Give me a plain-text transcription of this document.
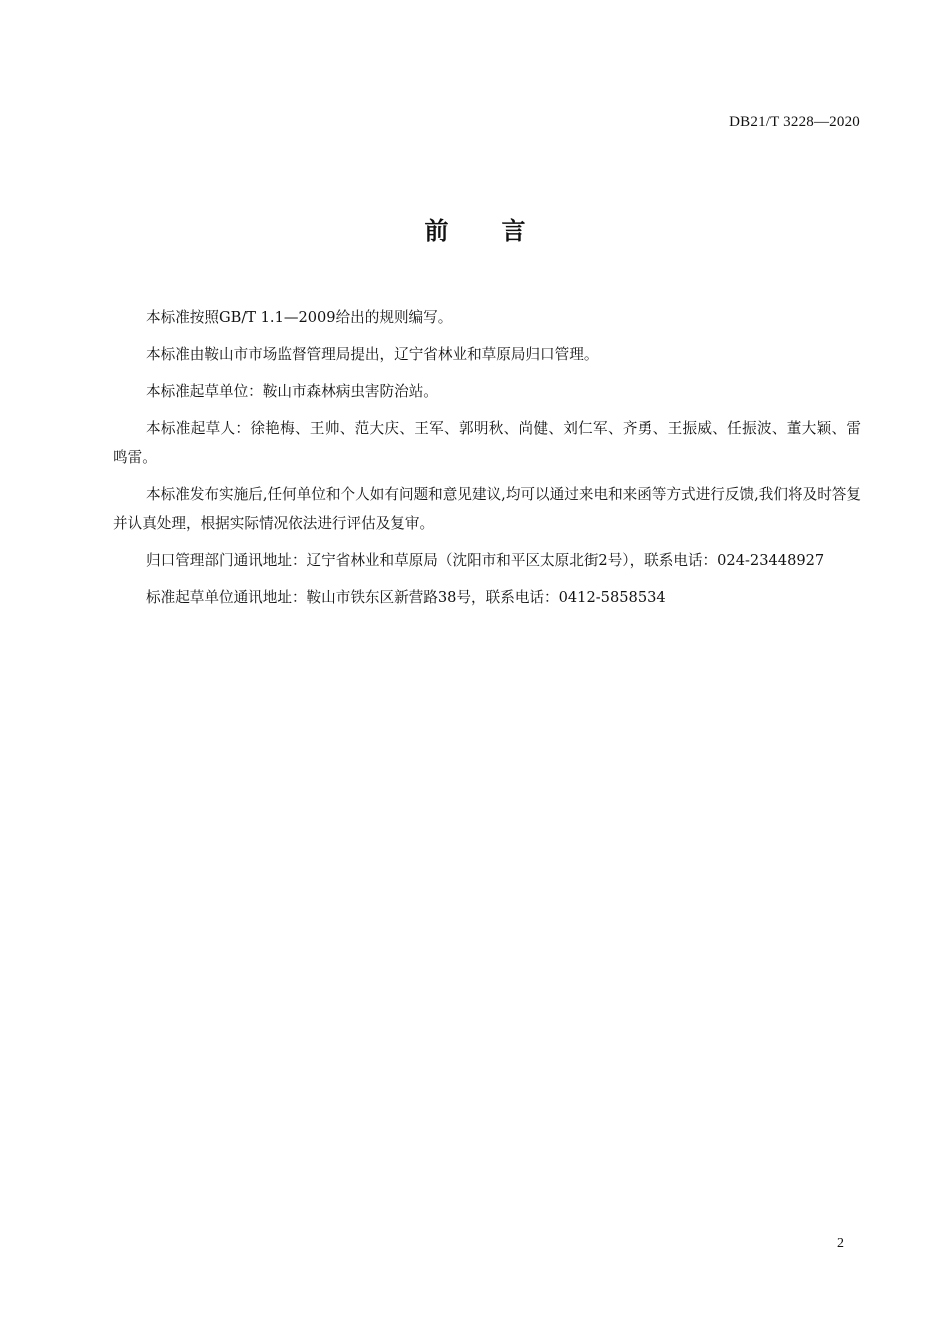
DB21/T 3228—2020
前 言

本标准按照GB/T 1.1—2009给出的规则编写。

本标准由鞍山市市场监督管理局提出，辽宁省林业和草原局归口管理。

本标准起草单位：鞍山市森林病虫害防治站。

本标准起草人：徐艳梅、王帅、范大庆、王军、郭明秋、尚健、刘仁军、齐勇、王振威、任振波、董大颖、雷鸣雷。

本标准发布实施后,任何单位和个人如有问题和意见建议,均可以通过来电和来函等方式进行反馈,我们将及时答复并认真处理，根据实际情况依法进行评估及复审。

归口管理部门通讯地址：辽宁省林业和草原局（沈阳市和平区太原北街2号），联系电话：024-23448927

标准起草单位通讯地址：鞍山市铁东区新营路38号，联系电话：0412-5858534

2
